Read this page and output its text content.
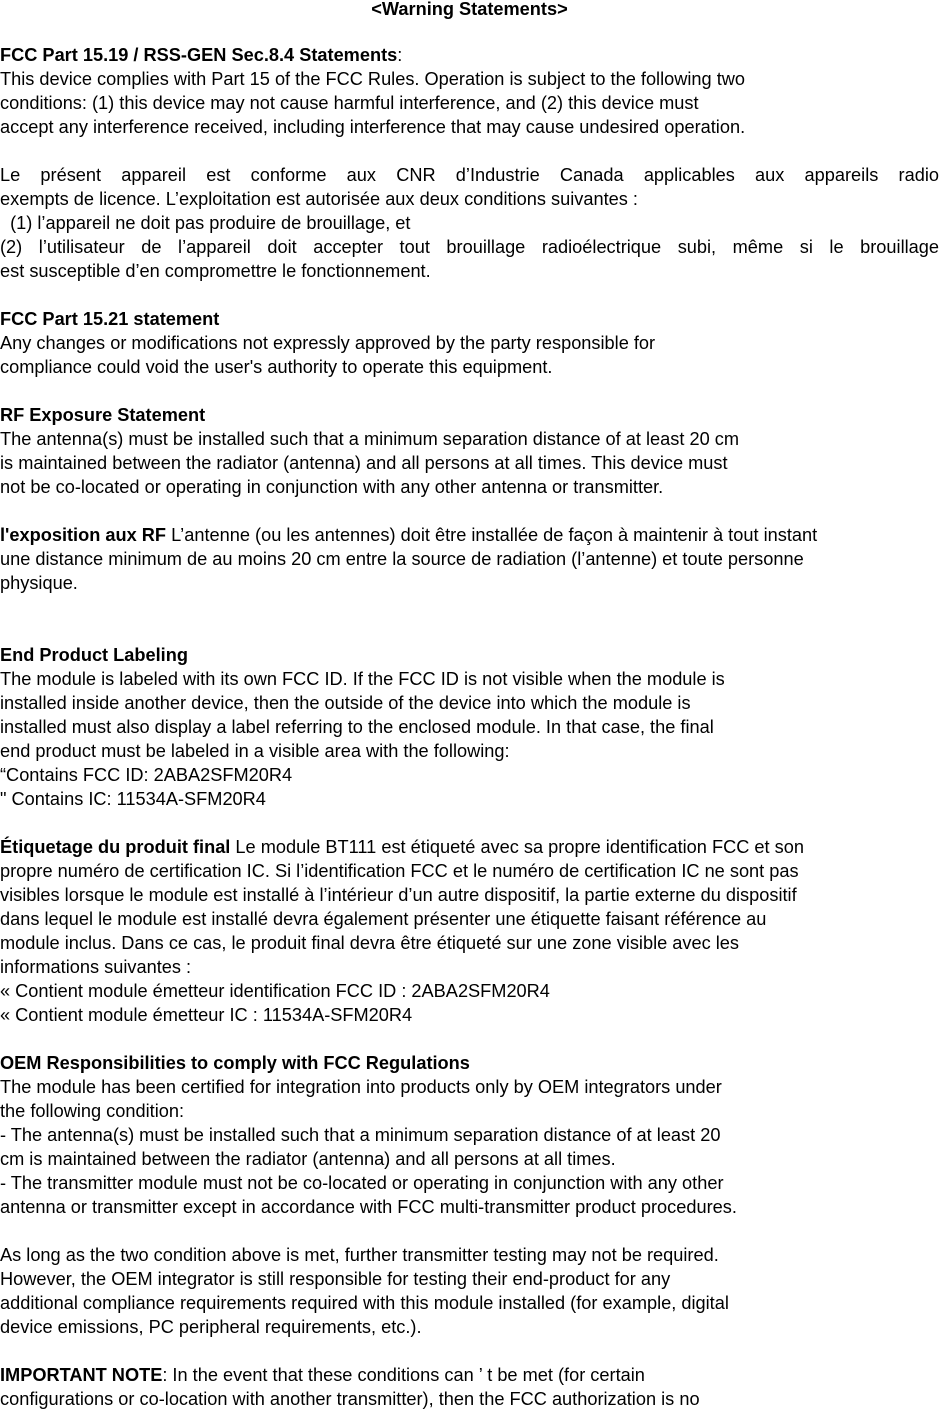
<Warning Statements>
FCC Part 15.19 / RSS-GEN Sec.8.4 Statements:
This device complies with Part 15 of the FCC Rules. Operation is subject to the following two
conditions: (1) this device may not cause harmful interference, and (2) this device must
accept any interference received, including interference that may cause undesired operation.
Le présent appareil est conforme aux CNR d’Industrie Canada applicables aux appareils radio
exempts de licence. L’exploitation est autorisée aux deux conditions suivantes :
(1) l’appareil ne doit pas produire de brouillage, et
(2) l’utilisateur de l’appareil doit accepter tout brouillage radioélectrique subi, même si le brouillage
est susceptible d’en compromettre le fonctionnement.
FCC Part 15.21 statement
Any changes or modifications not expressly approved by the party responsible for
compliance could void the user's authority to operate this equipment.
RF Exposure Statement
The antenna(s) must be installed such that a minimum separation distance of at least 20 cm
is maintained between the radiator (antenna) and all persons at all times. This device must
not be co-located or operating in conjunction with any other antenna or transmitter.
l'exposition aux RF L’antenne (ou les antennes) doit être installée de façon à maintenir à tout instant
une distance minimum de au moins 20 cm entre la source de radiation (l’antenne) et toute personne
physique.
End Product Labeling
The module is labeled with its own FCC ID. If the FCC ID is not visible when the module is
installed inside another device, then the outside of the device into which the module is
installed must also display a label referring to the enclosed module. In that case, the final
end product must be labeled in a visible area with the following:
“Contains FCC ID: 2ABA2SFM20R4
" Contains IC: 11534A-SFM20R4
Étiquetage du produit final Le module BT111 est étiqueté avec sa propre identification FCC et son
propre numéro de certification IC. Si l’identification FCC et le numéro de certification IC ne sont pas
visibles lorsque le module est installé à l’intérieur d’un autre dispositif, la partie externe du dispositif
dans lequel le module est installé devra également présenter une étiquette faisant référence au
module inclus. Dans ce cas, le produit final devra être étiqueté sur une zone visible avec les
informations suivantes :
« Contient module émetteur identification FCC ID : 2ABA2SFM20R4
« Contient module émetteur IC : 11534A-SFM20R4
OEM Responsibilities to comply with FCC Regulations
The module has been certified for integration into products only by OEM integrators under
the following condition:
- The antenna(s) must be installed such that a minimum separation distance of at least 20
cm is maintained between the radiator (antenna) and all persons at all times.
- The transmitter module must not be co-located or operating in conjunction with any other
antenna or transmitter except in accordance with FCC multi-transmitter product procedures.
As long as the two condition above is met, further transmitter testing may not be required.
However, the OEM integrator is still responsible for testing their end-product for any
additional compliance requirements required with this module installed (for example, digital
device emissions, PC peripheral requirements, etc.).
IMPORTANT NOTE: In the event that these conditions can ’ t be met (for certain
configurations or co-location with another transmitter), then the FCC authorization is no
